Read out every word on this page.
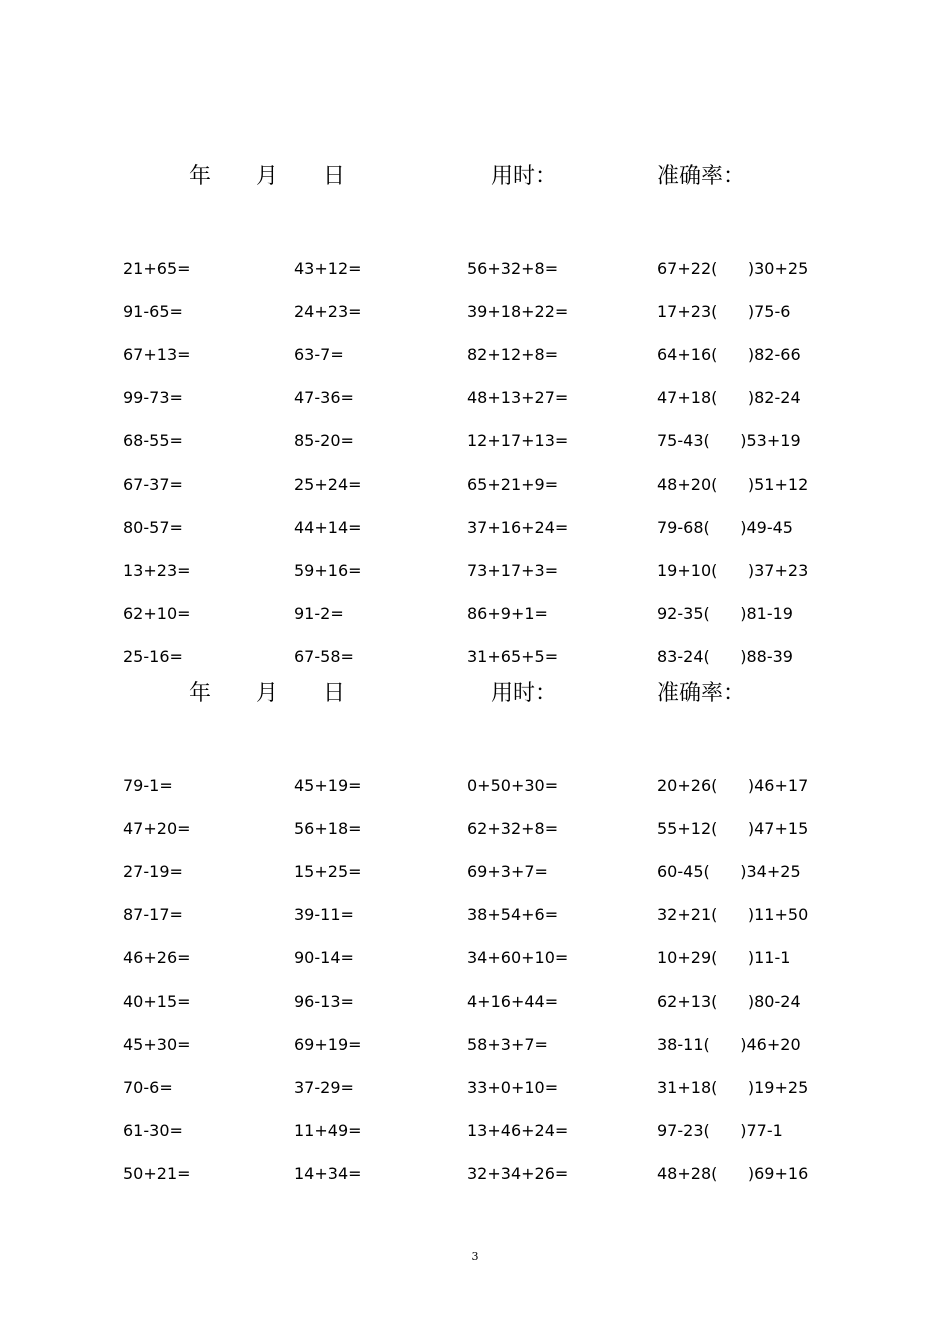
年 月 日	用时：	准确率：
21+65=	43+12=	56+32+8=	67+22(      )30+25
91-65=	24+23=	39+18+22=	17+23(      )75-6
67+13=	63-7=	82+12+8=	64+16(      )82-66
99-73=	47-36=	48+13+27=	47+18(      )82-24
68-55=	85-20=	12+17+13=	75-43(      )53+19
67-37=	25+24=	65+21+9=	48+20(      )51+12
80-57=	44+14=	37+16+24=	79-68(      )49-45
13+23=	59+16=	73+17+3=	19+10(      )37+23
62+10=	91-2=	86+9+1=	92-35(      )81-19
25-16=	67-58=	31+65+5=	83-24(      )88-39
年 月 日	用时：	准确率：
79-1=	45+19=	0+50+30=	20+26(      )46+17
47+20=	56+18=	62+32+8=	55+12(      )47+15
27-19=	15+25=	69+3+7=	60-45(      )34+25
87-17=	39-11=	38+54+6=	32+21(      )11+50
46+26=	90-14=	34+60+10=	10+29(      )11-1
40+15=	96-13=	4+16+44=	62+13(      )80-24
45+30=	69+19=	58+3+7=	38-11(      )46+20
70-6=	37-29=	33+0+10=	31+18(      )19+25
61-30=	11+49=	13+46+24=	97-23(      )77-1
50+21=	14+34=	32+34+26=	48+28(      )69+16
3
